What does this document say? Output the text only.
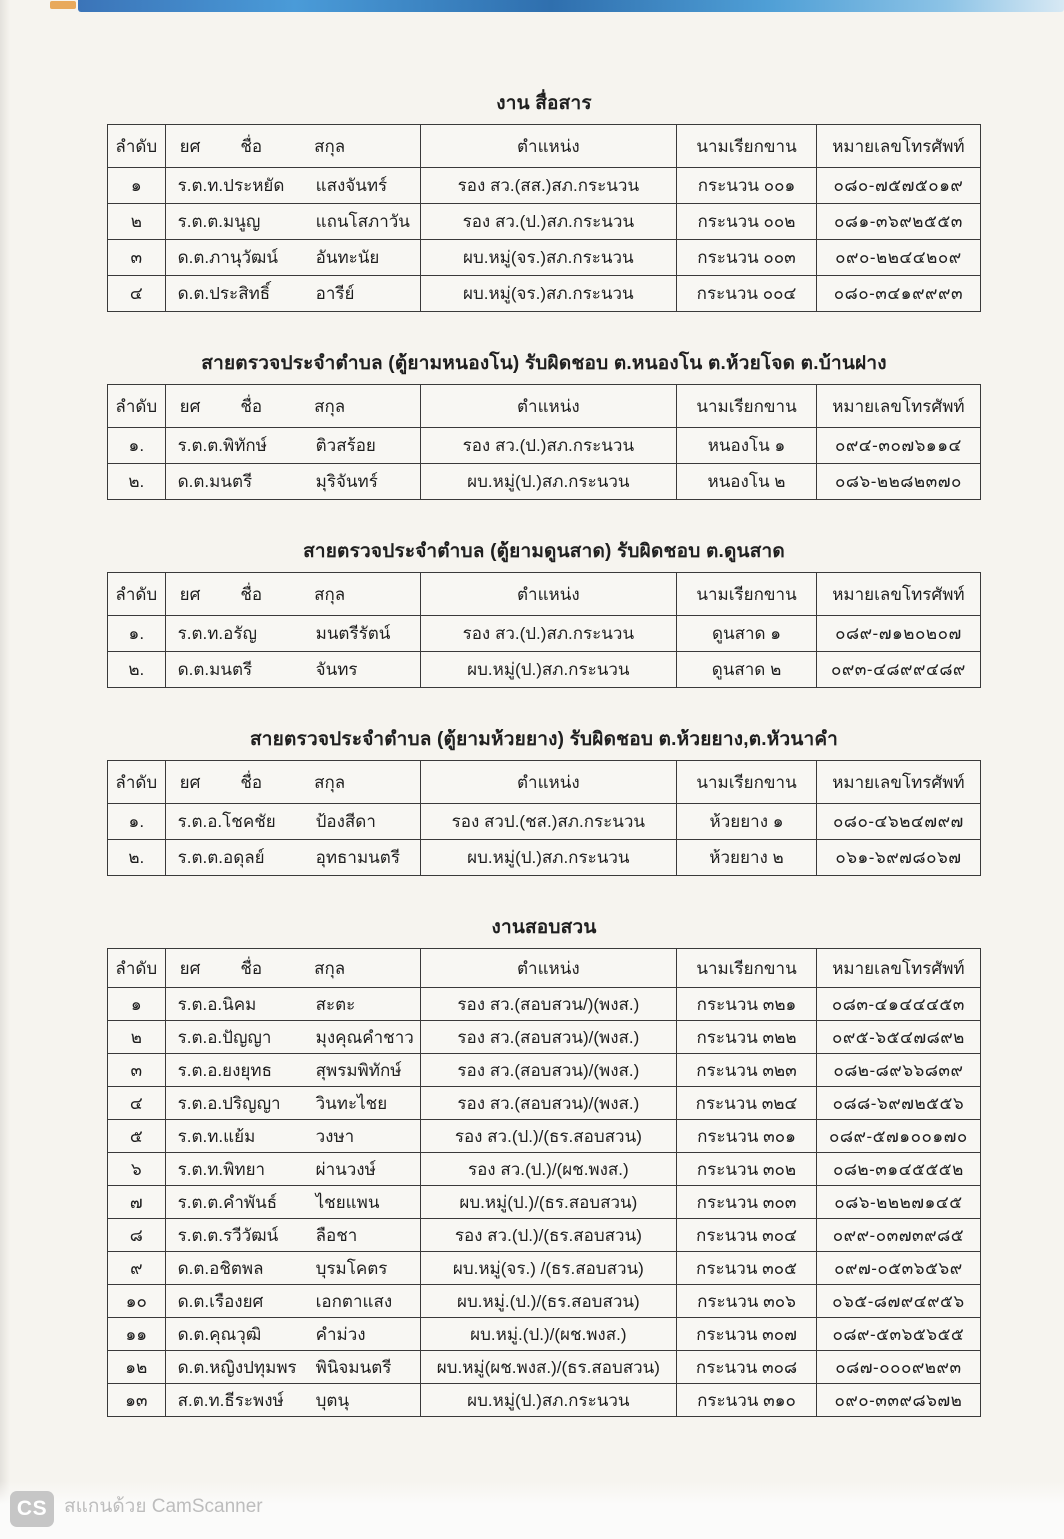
งาน สื่อสาร
ลำดับ	ยศ ชื่อ สกุล	ตำแหน่ง	นามเรียกขาน	หมายเลขโทรศัพท์
๑	ร.ต.ท.ประหยัด แสงจันทร์	รอง สว.(สส.)สภ.กระนวน	กระนวน ๐๐๑	๐๘๐-๗๕๗๕๐๑๙
๒	ร.ต.ต.มนูญ แถนโสภาวัน	รอง สว.(ป.)สภ.กระนวน	กระนวน ๐๐๒	๐๘๑-๓๖๙๒๕๕๓
๓	ด.ต.ภานุวัฒน์ อันทะนัย	ผบ.หมู่(จร.)สภ.กระนวน	กระนวน ๐๐๓	๐๙๐-๒๒๔๔๒๐๙
๔	ด.ต.ประสิทธิ์ อารีย์	ผบ.หมู่(จร.)สภ.กระนวน	กระนวน ๐๐๔	๐๘๐-๓๔๑๙๙๙๓
สายตรวจประจำตำบล (ตู้ยามหนองโน) รับผิดชอบ ต.หนองโน ต.ห้วยโจด ต.บ้านฝาง
ลำดับ	ยศ ชื่อ สกุล	ตำแหน่ง	นามเรียกขาน	หมายเลขโทรศัพท์
๑.	ร.ต.ต.พิทักษ์ ติวสร้อย	รอง สว.(ป.)สภ.กระนวน	หนองโน ๑	๐๙๔-๓๐๗๖๑๑๔
๒.	ด.ต.มนตรี มุริจันทร์	ผบ.หมู่(ป.)สภ.กระนวน	หนองโน ๒	๐๘๖-๒๒๘๒๓๗๐
สายตรวจประจำตำบล (ตู้ยามดูนสาด) รับผิดชอบ ต.ดูนสาด
ลำดับ	ยศ ชื่อ สกุล	ตำแหน่ง	นามเรียกขาน	หมายเลขโทรศัพท์
๑.	ร.ต.ท.อรัญ มนตรีรัตน์	รอง สว.(ป.)สภ.กระนวน	ดูนสาด ๑	๐๘๙-๗๑๒๐๒๐๗
๒.	ด.ต.มนตรี จันทร	ผบ.หมู่(ป.)สภ.กระนวน	ดูนสาด ๒	๐๙๓-๔๘๙๙๔๘๙
สายตรวจประจำตำบล (ตู้ยามห้วยยาง) รับผิดชอบ ต.ห้วยยาง,ต.หัวนาคำ
ลำดับ	ยศ ชื่อ สกุล	ตำแหน่ง	นามเรียกขาน	หมายเลขโทรศัพท์
๑.	ร.ต.อ.โชคชัย ป้องสีดา	รอง สวป.(ชส.)สภ.กระนวน	ห้วยยาง ๑	๐๘๐-๔๖๒๔๗๙๗
๒.	ร.ต.ต.อดุลย์ อุทธามนตรี	ผบ.หมู่(ป.)สภ.กระนวน	ห้วยยาง ๒	๐๖๑-๖๙๗๘๐๖๗
งานสอบสวน
ลำดับ	ยศ ชื่อ สกุล	ตำแหน่ง	นามเรียกขาน	หมายเลขโทรศัพท์
๑	ร.ต.อ.นิคม สะตะ	รอง สว.(สอบสวน/)(พงส.)	กระนวน ๓๒๑	๐๘๓-๔๑๔๔๔๕๓
๒	ร.ต.อ.ปัญญา มุงคุณคำชาว	รอง สว.(สอบสวน)/(พงส.)	กระนวน ๓๒๒	๐๙๕-๖๕๔๗๘๙๒
๓	ร.ต.อ.ยงยุทธ สุพรมพิทักษ์	รอง สว.(สอบสวน)/(พงส.)	กระนวน ๓๒๓	๐๘๒-๘๙๖๖๘๓๙
๔	ร.ต.อ.ปริญญา วินทะไชย	รอง สว.(สอบสวน)/(พงส.)	กระนวน ๓๒๔	๐๘๘-๖๙๗๒๕๕๖
๕	ร.ต.ท.แย้ม วงษา	รอง สว.(ป.)/(ธร.สอบสวน)	กระนวน ๓๐๑	๐๘๙-๕๗๑๐๐๑๗๐
๖	ร.ต.ท.พิทยา ผ่านวงษ์	รอง สว.(ป.)/(ผช.พงส.)	กระนวน ๓๐๒	๐๘๒-๓๑๔๕๕๕๒
๗	ร.ต.ต.คำพันธ์ ไชยแพน	ผบ.หมู่(ป.)/(ธร.สอบสวน)	กระนวน ๓๐๓	๐๘๖-๒๒๒๗๑๔๕
๘	ร.ต.ต.รวีวัฒน์ ลือชา	รอง สว.(ป.)/(ธร.สอบสวน)	กระนวน ๓๐๔	๐๙๙-๐๓๗๓๙๘๕
๙	ด.ต.อชิตพล บุรมโคตร	ผบ.หมู่(จร.) /(ธร.สอบสวน)	กระนวน ๓๐๕	๐๙๗-๐๕๓๖๕๖๙
๑๐	ด.ต.เรืองยศ เอกตาแสง	ผบ.หมู่.(ป.)/(ธร.สอบสวน)	กระนวน ๓๐๖	๐๖๕-๘๗๙๔๙๕๖
๑๑	ด.ต.คุณวุฒิ คำม่วง	ผบ.หมู่.(ป.)/(ผช.พงส.)	กระนวน ๓๐๗	๐๘๙-๕๓๖๕๖๕๕
๑๒	ด.ต.หญิงปทุมพร พินิจมนตรี	ผบ.หมู่(ผช.พงส.)/(ธร.สอบสวน)	กระนวน ๓๐๘	๐๘๗-๐๐๐๙๒๙๓
๑๓	ส.ต.ท.ธีระพงษ์ บุตนุ	ผบ.หมู่(ป.)สภ.กระนวน	กระนวน ๓๑๐	๐๙๐-๓๓๙๘๖๗๒
CS สแกนด้วย CamScanner
